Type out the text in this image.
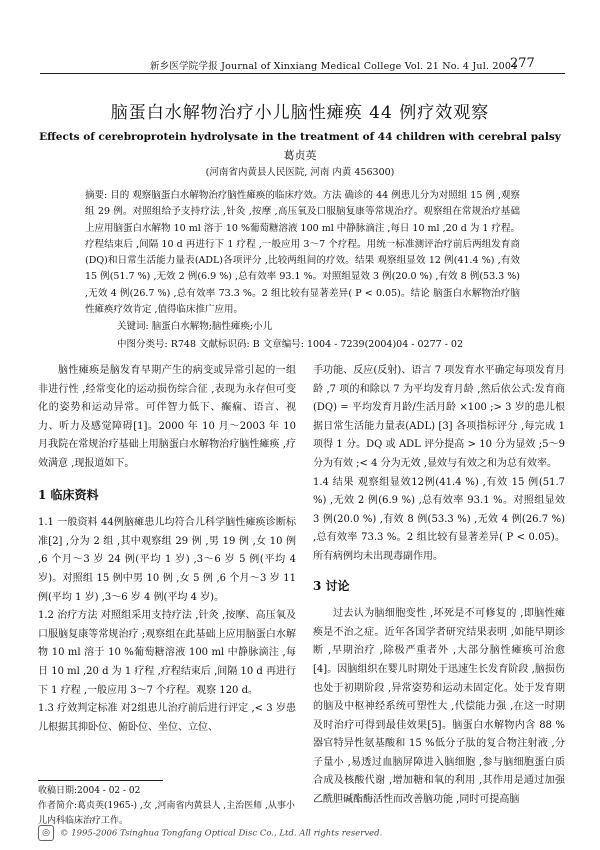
新乡医学院学报 Journal of Xinxiang Medical College Vol. 21 No. 4 Jul. 2004
277
脑蛋白水解物治疗小儿脑性瘫痪 44 例疗效观察
Effects of cerebroprotein hydrolysate in the treatment of 44 children with cerebral palsy
葛贞英
(河南省内黄县人民医院, 河南 内黄 456300)
摘要: 目的 观察脑蛋白水解物治疗脑性瘫痪的临床疗效。方法 确诊的 44 例患儿分为对照组 15 例 ,观察组 29 例。对照组给予支持疗法 ,针灸 ,按摩 ,高压氧及口服脑复康等常规治疗。观察组在常规治疗基础上应用脑蛋白水解物 10 ml 溶于 10 %葡萄糖溶液 100 ml 中静脉滴注 ,每日 10 ml ,20 d 为 1 疗程。疗程结束后 ,间隔 10 d 再进行下 1 疗程 ,一般应用 3～7 个疗程。用统一标准测评治疗前后两组发育商(DQ)和日常生活能力量表(ADL)各项评分 ,比较两组间的疗效。结果 观察组显效 12 例(41.4 %) ,有效 15 例(51.7 %) ,无效 2 例(6.9 %) ,总有效率 93.1 %。对照组显效 3 例(20.0 %) ,有效 8 例(53.3 %) ,无效 4 例(26.7 %) ,总有效率 73.3 %。2 组比较有显著差异( P < 0.05)。结论 脑蛋白水解物治疗脑性瘫痪疗效肯定 ,值得临床推广应用。
关键词: 脑蛋白水解物;脑性瘫痪;小儿
中图分类号: R748 文献标识码: B 文章编号: 1004 - 7239(2004)04 - 0277 - 02

脑性瘫痪是脑发育早期产生的病变或异常引起的一组非进行性 ,经常变化的运动损伤综合征 ,表现为永存但可变化的姿势和运动异常。可伴智力低下、癫痫、语言、视力、听力及感觉障碍[1]。2000 年 10 月～2003 年 10 月我院在常规治疗基础上用脑蛋白水解物治疗脑性瘫痪 ,疗效满意 ,现报道如下。

1 临床资料

1.1 一般资料 44例脑瘫患儿均符合儿科学脑性瘫痪诊断标准[2] ,分为 2 组 ,其中观察组 29 例 ,男 19 例 ,女 10 例 ,6 个月～3 岁 24 例(平均 1 岁) ,3～6 岁 5 例(平均 4 岁)。对照组 15 例中男 10 例 ,女 5 例 ,6 个月～3 岁 11 例(平均 1 岁) ,3～6 岁 4 例(平均 4 岁)。

1.2 治疗方法 对照组采用支持疗法 ,针灸 ,按摩、高压氧及口服脑复康等常规治疗 ;观察组在此基础上应用脑蛋白水解物 10 ml 溶于 10 %葡萄糖溶液 100 ml 中静脉滴注 ,每日 10 ml ,20 d 为 1 疗程 ,疗程结束后 ,间隔 10 d 再进行下 1 疗程 ,一般应用 3～7 个疗程。观察 120 d。

1.3 疗效判定标准 对2组患儿治疗前后进行评定 ,< 3 岁患儿根据其抑卧位、俯卧位、坐位、立位、

手功能、反应(反射)、语言 7 项发育水平确定每项发育月龄 ,7 项的和除以 7 为平均发育月龄 ,然后依公式:发育商(DQ) = 平均发育月龄/生活月龄 ×100 ;> 3 岁的患儿根据日常生活能力量表(ADL) [3] 各项指标评分 ,每完成 1 项得 1 分。DQ 或 ADL 评分提高 > 10 分为显效 ;5～9 分为有效 ;< 4 分为无效 ,显效与有效之和为总有效率。

1.4 结果 观察组显效12例(41.4 %) ,有效 15 例(51.7 %) ,无效 2 例(6.9 %) ,总有效率 93.1 %。对照组显效 3 例(20.0 %) ,有效 8 例(53.3 %) ,无效 4 例(26.7 %) ,总有效率 73.3 %。2 组比较有显著差异( P < 0.05)。所有病例均未出现毒副作用。

3 讨论

过去认为脑细胞变性 ,坏死是不可修复的 ,即脑性瘫痪是不治之症。近年各国学者研究结果表明 ,如能早期诊断 ,早期治疗 ,除极严重者外 ,大部分脑性瘫痪可治愈[4]。因脑组织在婴儿时期处于迅速生长发育阶段 ,脑损伤也处于初期阶段 ,异常姿势和运动未固定化。处于发育期的脑及中枢神经系统可塑性大 ,代偿能力强 ,在这一时期及时治疗可得到最佳效果[5]。脑蛋白水解物内含 88 %器官特异性氨基酸和 15 %低分子肽的复合物注射液 ,分子量小 ,易透过血脑屏障进入脑细胞 ,参与脑细胞蛋白质合成及核酸代谢 ,增加糖和氧的利用 ,其作用是通过加强乙酰胆碱酯酶活性而改善脑功能 ,同时可提高脑

收稿日期:2004 - 02 - 02
作者简介:葛贞英(1965-) ,女 ,河南省内黄县人 ,主治医师 ,从事小儿内科临床治疗工作。
◎ © 1995-2006 Tsinghua Tongfang Optical Disc Co., Ltd. All rights reserved.
